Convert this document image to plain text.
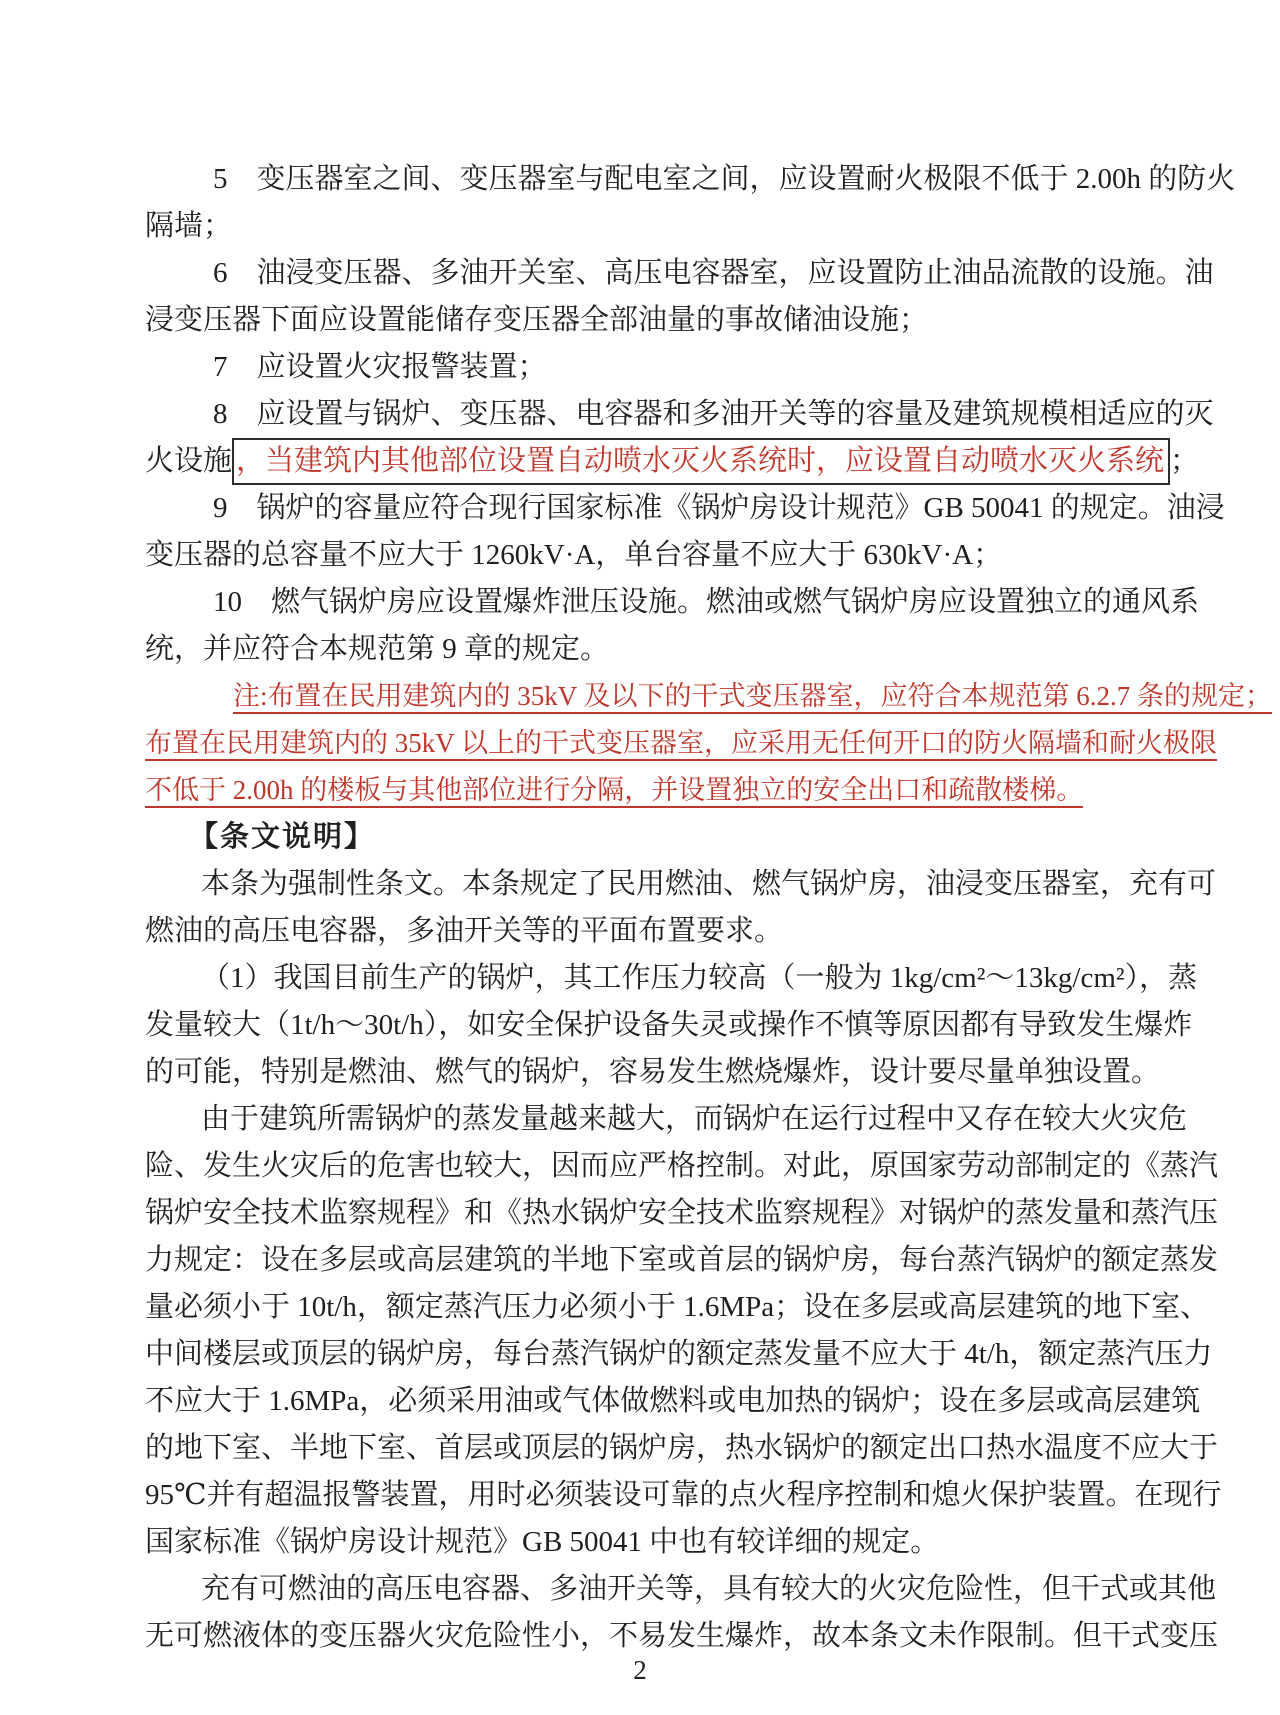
5　变压器室之间、变压器室与配电室之间，应设置耐火极限不低于 2.00h 的防火
隔墙；
6　油浸变压器、多油开关室、高压电容器室，应设置防止油品流散的设施。油
浸变压器下面应设置能储存变压器全部油量的事故储油设施；
7　应设置火灾报警装置；
8　应设置与锅炉、变压器、电容器和多油开关等的容量及建筑规模相适应的灭
火设施 ，当建筑内其他部位设置自动喷水灭火系统时，应设置自动喷水灭火系统 ；
9　锅炉的容量应符合现行国家标准《锅炉房设计规范》GB 50041 的规定。油浸
变压器的总容量不应大于 1260kV·A，单台容量不应大于 630kV·A；
10　燃气锅炉房应设置爆炸泄压设施。燃油或燃气锅炉房应设置独立的通风系
统，并应符合本规范第 9 章的规定。
注:布置在民用建筑内的 35kV 及以下的干式变压器室，应符合本规范第 6.2.7 条的规定；
布置在民用建筑内的 35kV 以上的干式变压器室，应采用无任何开口的防火隔墙和耐火极限
不低于 2.00h 的楼板与其他部位进行分隔，并设置独立的安全出口和疏散楼梯。
【条文说明】
本条为强制性条文。本条规定了民用燃油、燃气锅炉房，油浸变压器室，充有可
燃油的高压电容器，多油开关等的平面布置要求。
（1）我国目前生产的锅炉，其工作压力较高（一般为 1kg/cm²～13kg/cm²），蒸
发量较大（1t/h～30t/h），如安全保护设备失灵或操作不慎等原因都有导致发生爆炸
的可能，特别是燃油、燃气的锅炉，容易发生燃烧爆炸，设计要尽量单独设置。
由于建筑所需锅炉的蒸发量越来越大，而锅炉在运行过程中又存在较大火灾危
险、发生火灾后的危害也较大，因而应严格控制。对此，原国家劳动部制定的《蒸汽
锅炉安全技术监察规程》和《热水锅炉安全技术监察规程》对锅炉的蒸发量和蒸汽压
力规定：设在多层或高层建筑的半地下室或首层的锅炉房，每台蒸汽锅炉的额定蒸发
量必须小于 10t/h，额定蒸汽压力必须小于 1.6MPa；设在多层或高层建筑的地下室、
中间楼层或顶层的锅炉房，每台蒸汽锅炉的额定蒸发量不应大于 4t/h，额定蒸汽压力
不应大于 1.6MPa，必须采用油或气体做燃料或电加热的锅炉；设在多层或高层建筑
的地下室、半地下室、首层或顶层的锅炉房，热水锅炉的额定出口热水温度不应大于
95℃并有超温报警装置，用时必须装设可靠的点火程序控制和熄火保护装置。在现行
国家标准《锅炉房设计规范》GB 50041 中也有较详细的规定。
充有可燃油的高压电容器、多油开关等，具有较大的火灾危险性，但干式或其他
无可燃液体的变压器火灾危险性小，不易发生爆炸，故本条文未作限制。但干式变压
2
